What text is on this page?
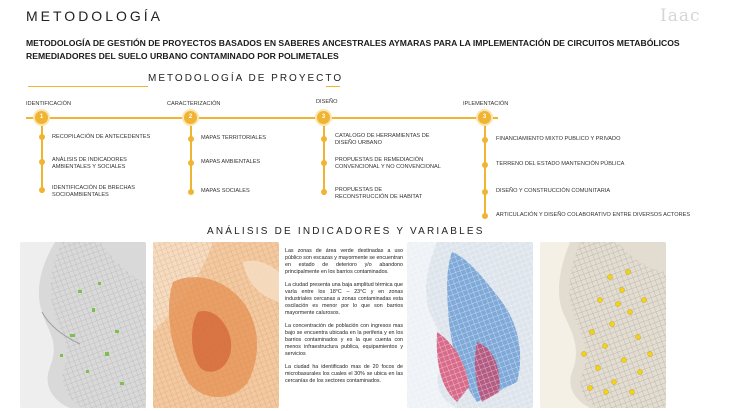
METODOLOGÍA	Iaac
METODOLOGÍA DE GESTIÓN DE PROYECTOS BASADOS EN SABERES ANCESTRALES AYMARAS PARA LA IMPLEMENTACIÓN DE CIRCUITOS METABÓLICOS REMEDIADORES DEL SUELO URBANO CONTAMINADO POR POLIMETALES
METODOLOGÍA DE PROYECTO
IDENTIFICACIÓN
1
RECOPILACIÓN DE ANTECEDENTES
ANÁLISIS DE INDICADORES AMBIENTALES Y SOCIALES
IDENTIFICACIÓN DE BRECHAS SOCIOAMBIENTALES
CARACTERIZACIÓN
2
MAPAS TERRITORIALES
MAPAS AMBIENTALES
MAPAS SOCIALES
DISEÑO
3
CATALOGO DE HERRAMIENTAS DE DISEÑO URBANO
PROPUESTAS DE REMEDIACIÓN CONVENCIONAL Y NO CONVENCIONAL
PROPUESTAS DE RECONSTRUCCIÓN DE HABITAT
IPLEMENTACIÓN
3
FINANCIAMIENTO MIXTO PUBLICO Y PRIVADO
TERRENO DEL ESTADO MANTENCIÓN PÚBLICA
DISEÑO Y CONSTRUCCIÓN COMUNITARIA
ARTICULACIÓN Y DISEÑO COLABORATIVO ENTRE DIVERSOS ACTORES
ANÁLISIS DE INDICADORES Y VARIABLES

Las zonas de área verde destinadas a uso público son escazas y mayormente se encuentran en estado de deterioro y/o abandono principalmente en los barrios contaminados.

La ciudad presenta una baja amplitud térmica que varía entre los 18°C – 23°C y en zonas industriales cercanas a zonas contaminadas esta oscilación es menor por lo que son barrios mayormente calurosos.

La concentración de población con ingresos mas bajo se encuentra ubicada en la periferia y en los barrios contaminados y es la que cuenta con menos infraestructura publica, equipamientos y servicios

La ciudad ha identificado mas de 20 focos de microbasurales los cuales el 30% se ubica en las cercanías de los sectores contaminados.
